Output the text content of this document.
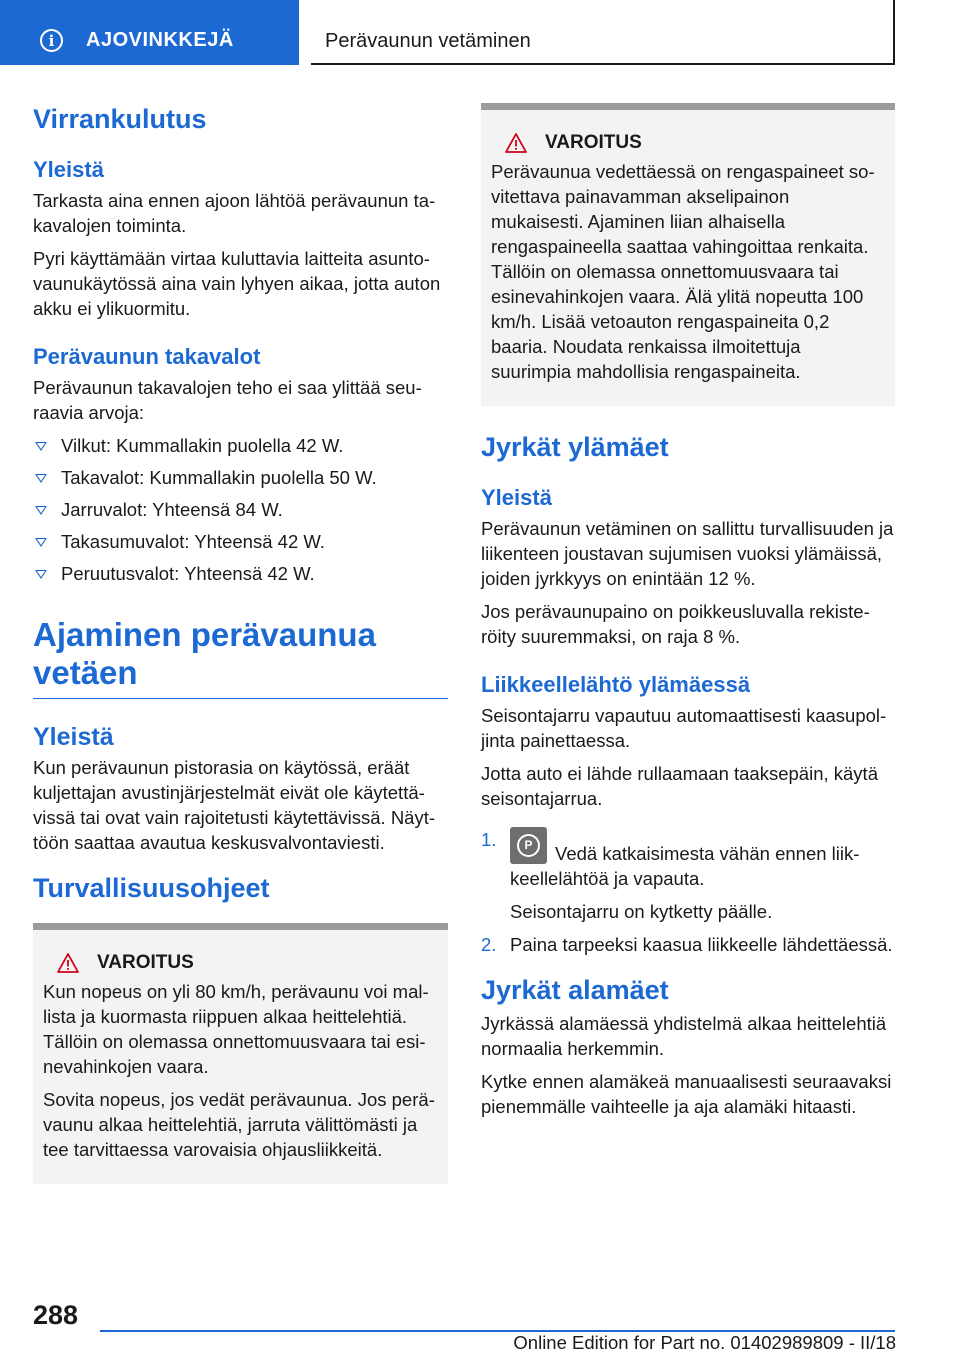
i	AJOVINKKEJÄ	Perävaunun vetäminen
Virrankulutus
Yleistä

Tarkasta aina ennen ajoon lähtöä perävaunun takavalojen toiminta.

Pyri käyttämään virtaa kuluttavia laitteita asuntovaunukäytössä aina vain lyhyen aikaa, jotta auton akku ei ylikuormitu.

Perävaunun takavalot

Perävaunun takavalojen teho ei saa ylittää seuraavia arvoja:

Vilkut: Kummallakin puolella 42 W.
Takavalot: Kummallakin puolella 50 W.
Jarruvalot: Yhteensä 84 W.
Takasumuvalot: Yhteensä 42 W.
Peruutusvalot: Yhteensä 42 W.
Ajaminen perävaunua
vetäen
Yleistä

Kun perävaunun pistorasia on käytössä, eräät kuljettajan avustinjärjestelmät eivät ole käytettävissä tai ovat vain rajoitetusti käytettävissä. Näyttöön saattaa avautua keskusvalvontaviesti.

Turvallisuusohjeet
VAROITUS

Kun nopeus on yli 80 km/h, perävaunu voi mallista ja kuormasta riippuen alkaa heittelehtiä. Tällöin on olemassa onnettomuusvaara tai esinevahinkojen vaara.

Sovita nopeus, jos vedät perävaunua. Jos perävaunu alkaa heittelehtiä, jarruta välittömästi ja tee tarvittaessa varovaisia ohjausliikkeitä.

VAROITUS

Perävaunua vedettäessä on rengaspaineet sovitettava painavamman akselipainon mukaisesti. Ajaminen liian alhaisella rengaspaineella saattaa vahingoittaa renkaita. Tällöin on olemassa onnettomuusvaara tai esinevahinkojen vaara. Älä ylitä nopeutta 100 km/h. Lisää vetoauton rengaspaineita 0,2 baaria. Noudata renkaissa ilmoitettuja suurimpia mahdollisia rengaspaineita.

Jyrkät ylämäet
Yleistä

Perävaunun vetäminen on sallittu turvallisuuden ja liikenteen joustavan sujumisen vuoksi ylämäissä, joiden jyrkkyys on enintään 12 %.

Jos perävaunupaino on poikkeusluvalla rekisteröity suuremmaksi, on raja 8 %.

Liikkeellelähtö ylämäessä

Seisontajarru vapautuu automaattisesti kaasupoljinta painettaessa.

Jotta auto ei lähde rullaamaan taaksepäin, käytä seisontajarrua.

1.	P	Vedä katkaisimesta vähän ennen liikkeellelähtöä ja vapauta.
Seisontajarru on kytketty päälle.
2. Paina tarpeeksi kaasua liikkeelle lähdettäessä.
Jyrkät alamäet

Jyrkässä alamäessä yhdistelmä alkaa heittelehtiä normaalia herkemmin.

Kytke ennen alamäkeä manuaalisesti seuraavaksi pienemmälle vaihteelle ja aja alamäki hitaasti.

288
Online Edition for Part no. 01402989809 - II/18
